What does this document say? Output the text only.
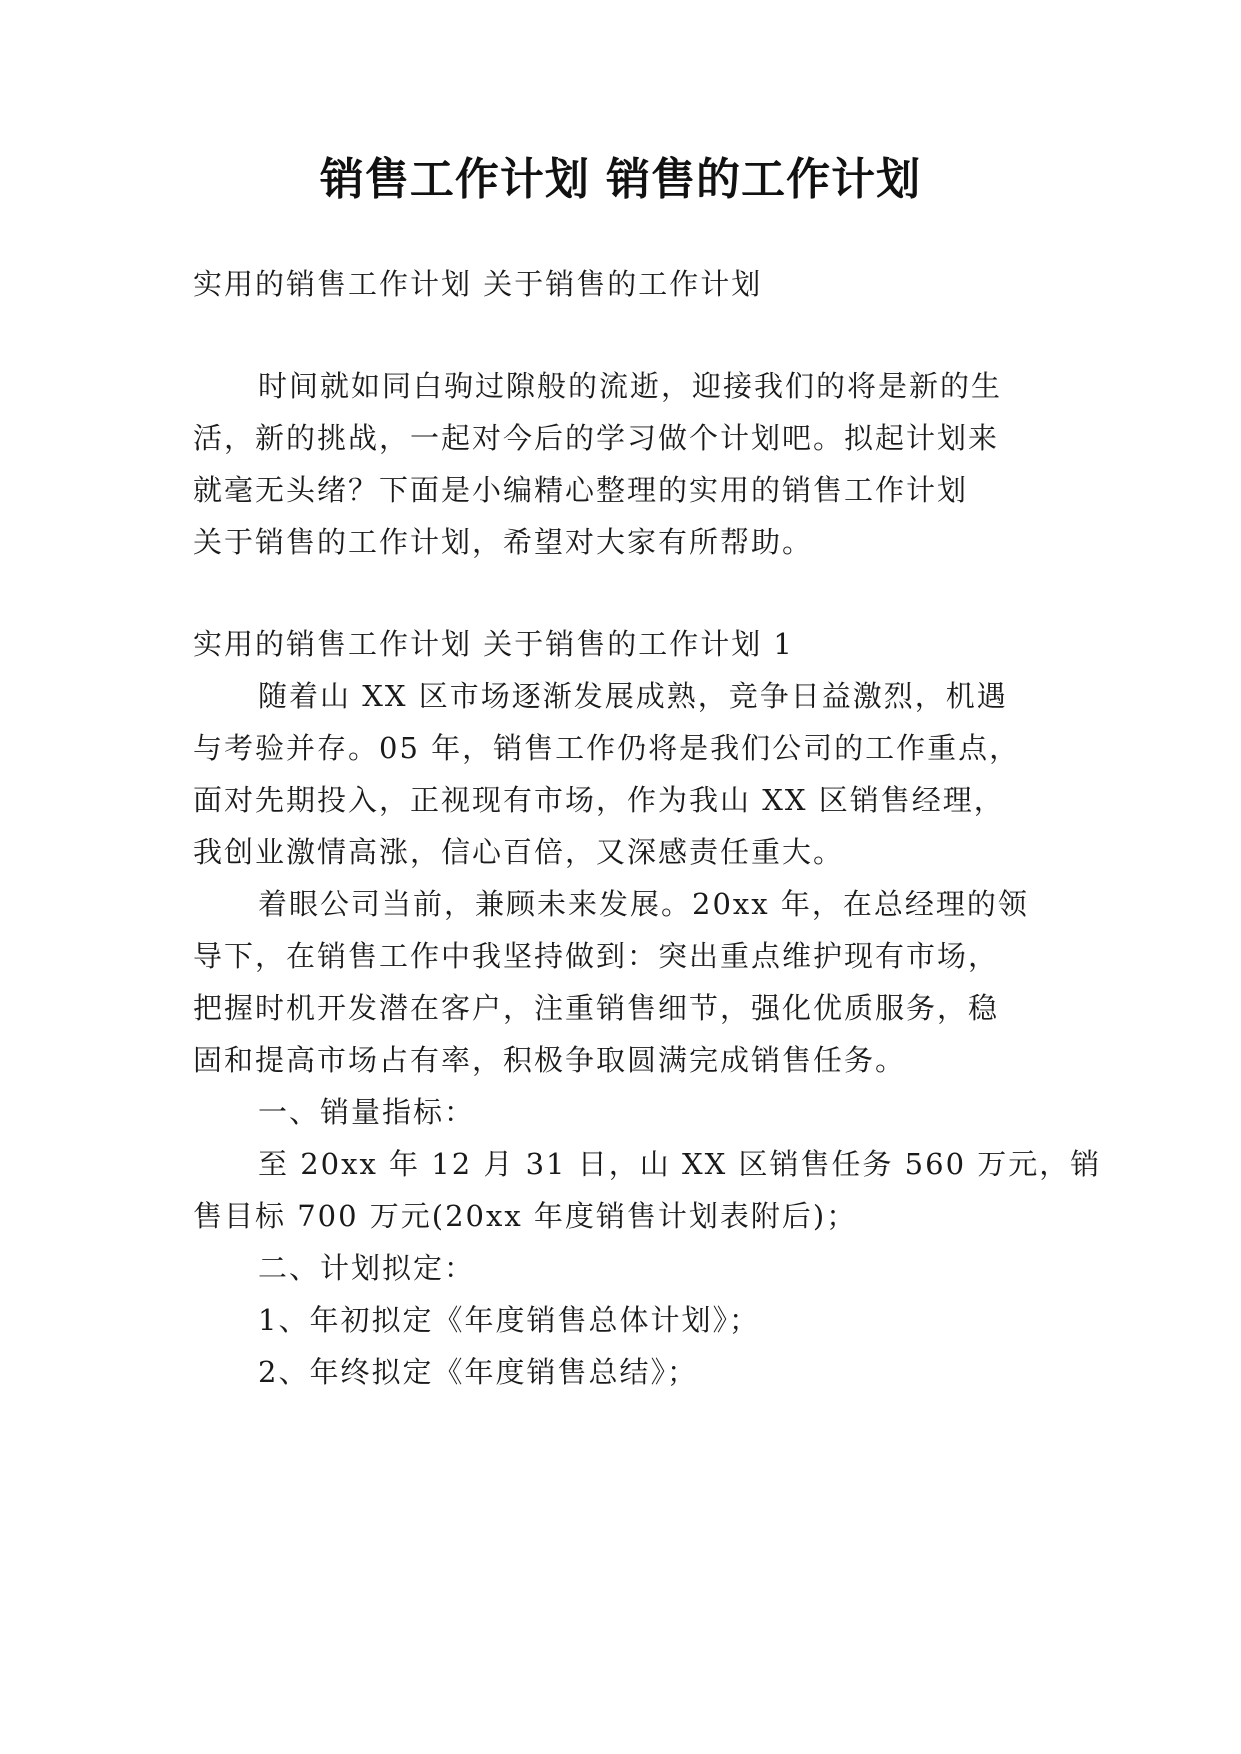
销售工作计划 销售的工作计划

实用的销售工作计划 关于销售的工作计划

时间就如同白驹过隙般的流逝，迎接我们的将是新的生

活，新的挑战，一起对今后的学习做个计划吧。拟起计划来

就毫无头绪？下面是小编精心整理的实用的销售工作计划

关于销售的工作计划，希望对大家有所帮助。

实用的销售工作计划 关于销售的工作计划 1

随着山 XX 区市场逐渐发展成熟，竞争日益激烈，机遇

与考验并存。05 年，销售工作仍将是我们公司的工作重点，

面对先期投入，正视现有市场，作为我山 XX 区销售经理，

我创业激情高涨，信心百倍，又深感责任重大。

着眼公司当前，兼顾未来发展。20xx 年，在总经理的领

导下，在销售工作中我坚持做到：突出重点维护现有市场，

把握时机开发潜在客户，注重销售细节，强化优质服务，稳

固和提高市场占有率，积极争取圆满完成销售任务。

一、销量指标：

至 20xx 年 12 月 31 日，山 XX 区销售任务 560 万元，销

售目标 700 万元(20xx 年度销售计划表附后)；

二、计划拟定：

1、年初拟定《年度销售总体计划》；

2、年终拟定《年度销售总结》；
